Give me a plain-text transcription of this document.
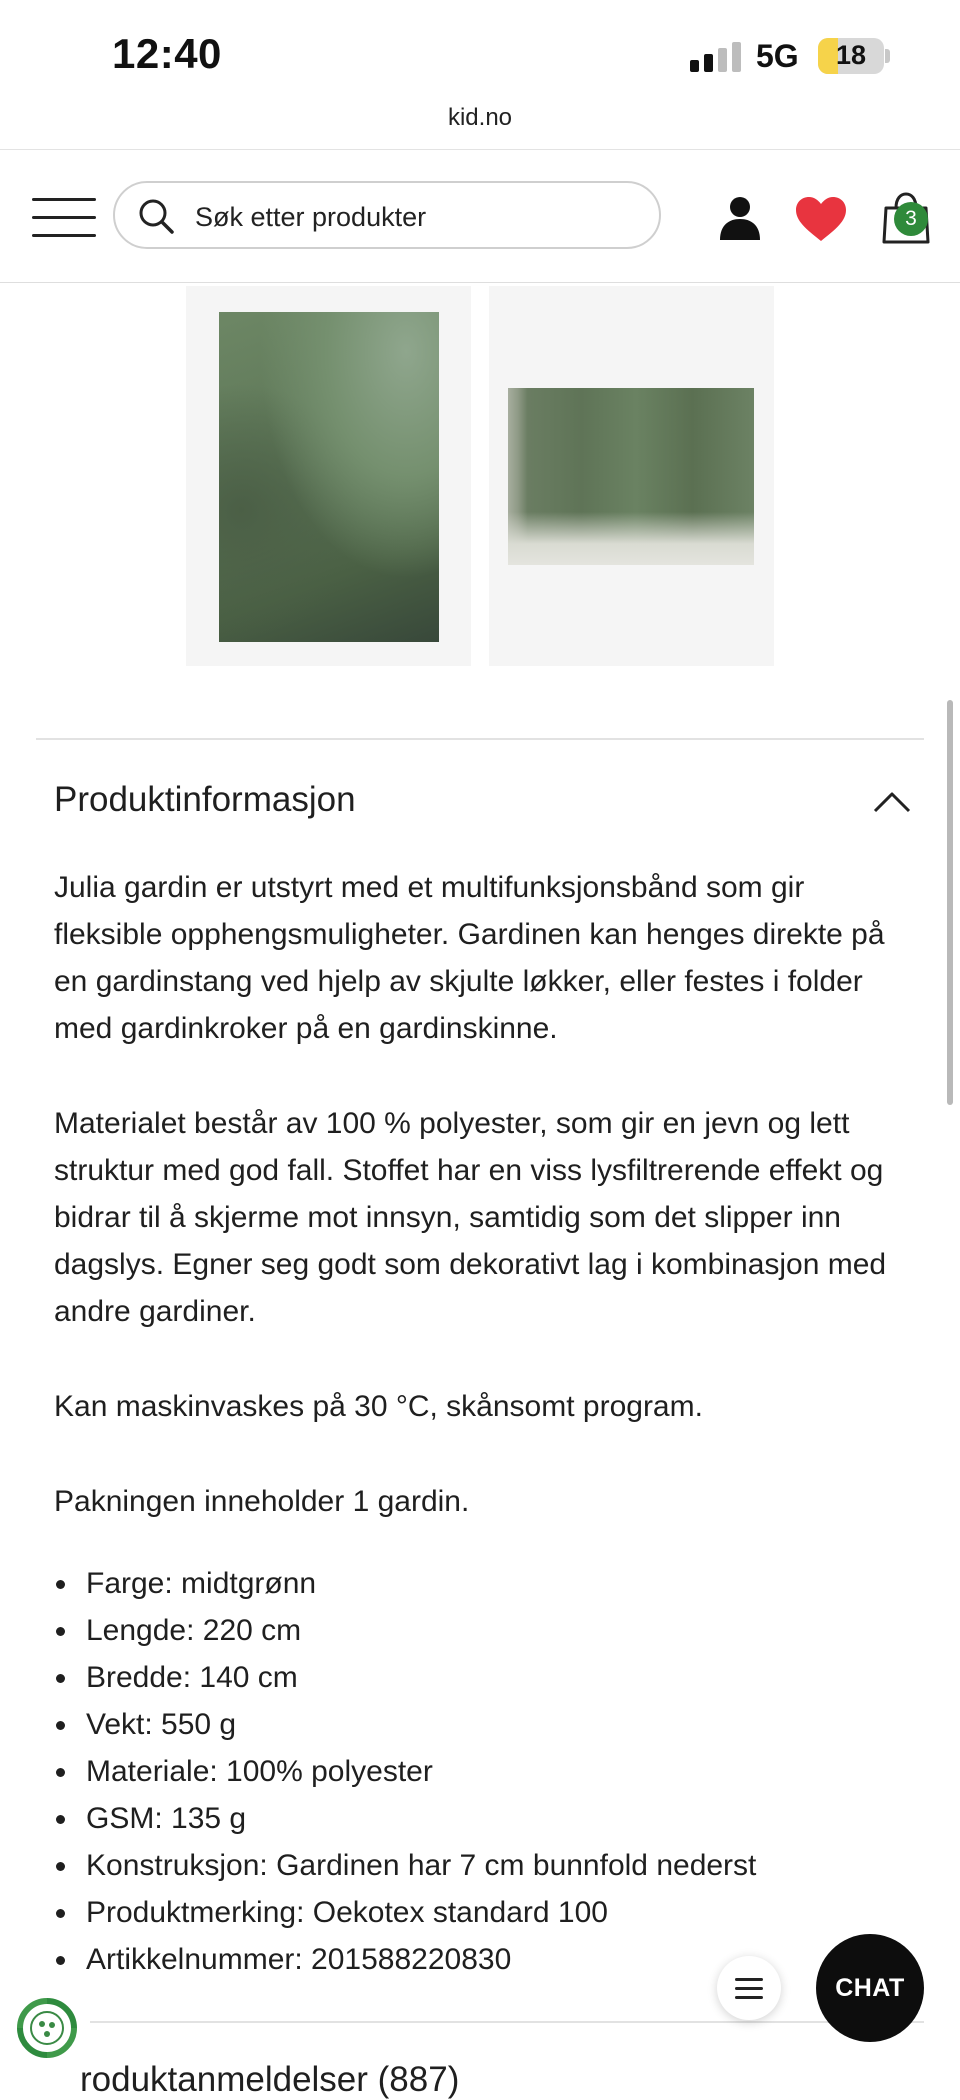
12:40	5G	18
kid.no
Søk etter produkter	3
Produktinformasjon

Julia gardin er utstyrt med et multifunksjonsbånd som gir fleksible opphengsmuligheter. Gardinen kan henges direkte på en gardinstang ved hjelp av skjulte løkker, eller festes i folder med gardinkroker på en gardinskinne.

Materialet består av 100 % polyester, som gir en jevn og lett struktur med god fall. Stoffet har en viss lysfiltrerende effekt og bidrar til å skjerme mot innsyn, samtidig som det slipper inn dagslys. Egner seg godt som dekorativt lag i kombinasjon med andre gardiner.

Kan maskinvaskes på 30 °C, skånsomt program.

Pakningen inneholder 1 gardin.

Farge: midtgrønn
Lengde: 220 cm
Bredde: 140 cm
Vekt: 550 g
Materiale: 100% polyester
GSM: 135 g
Konstruksjon: Gardinen har 7 cm bunnfold nederst
Produktmerking: Oekotex standard 100
Artikkelnummer: 201588220830
roduktanmeldelser (887)
CHAT
